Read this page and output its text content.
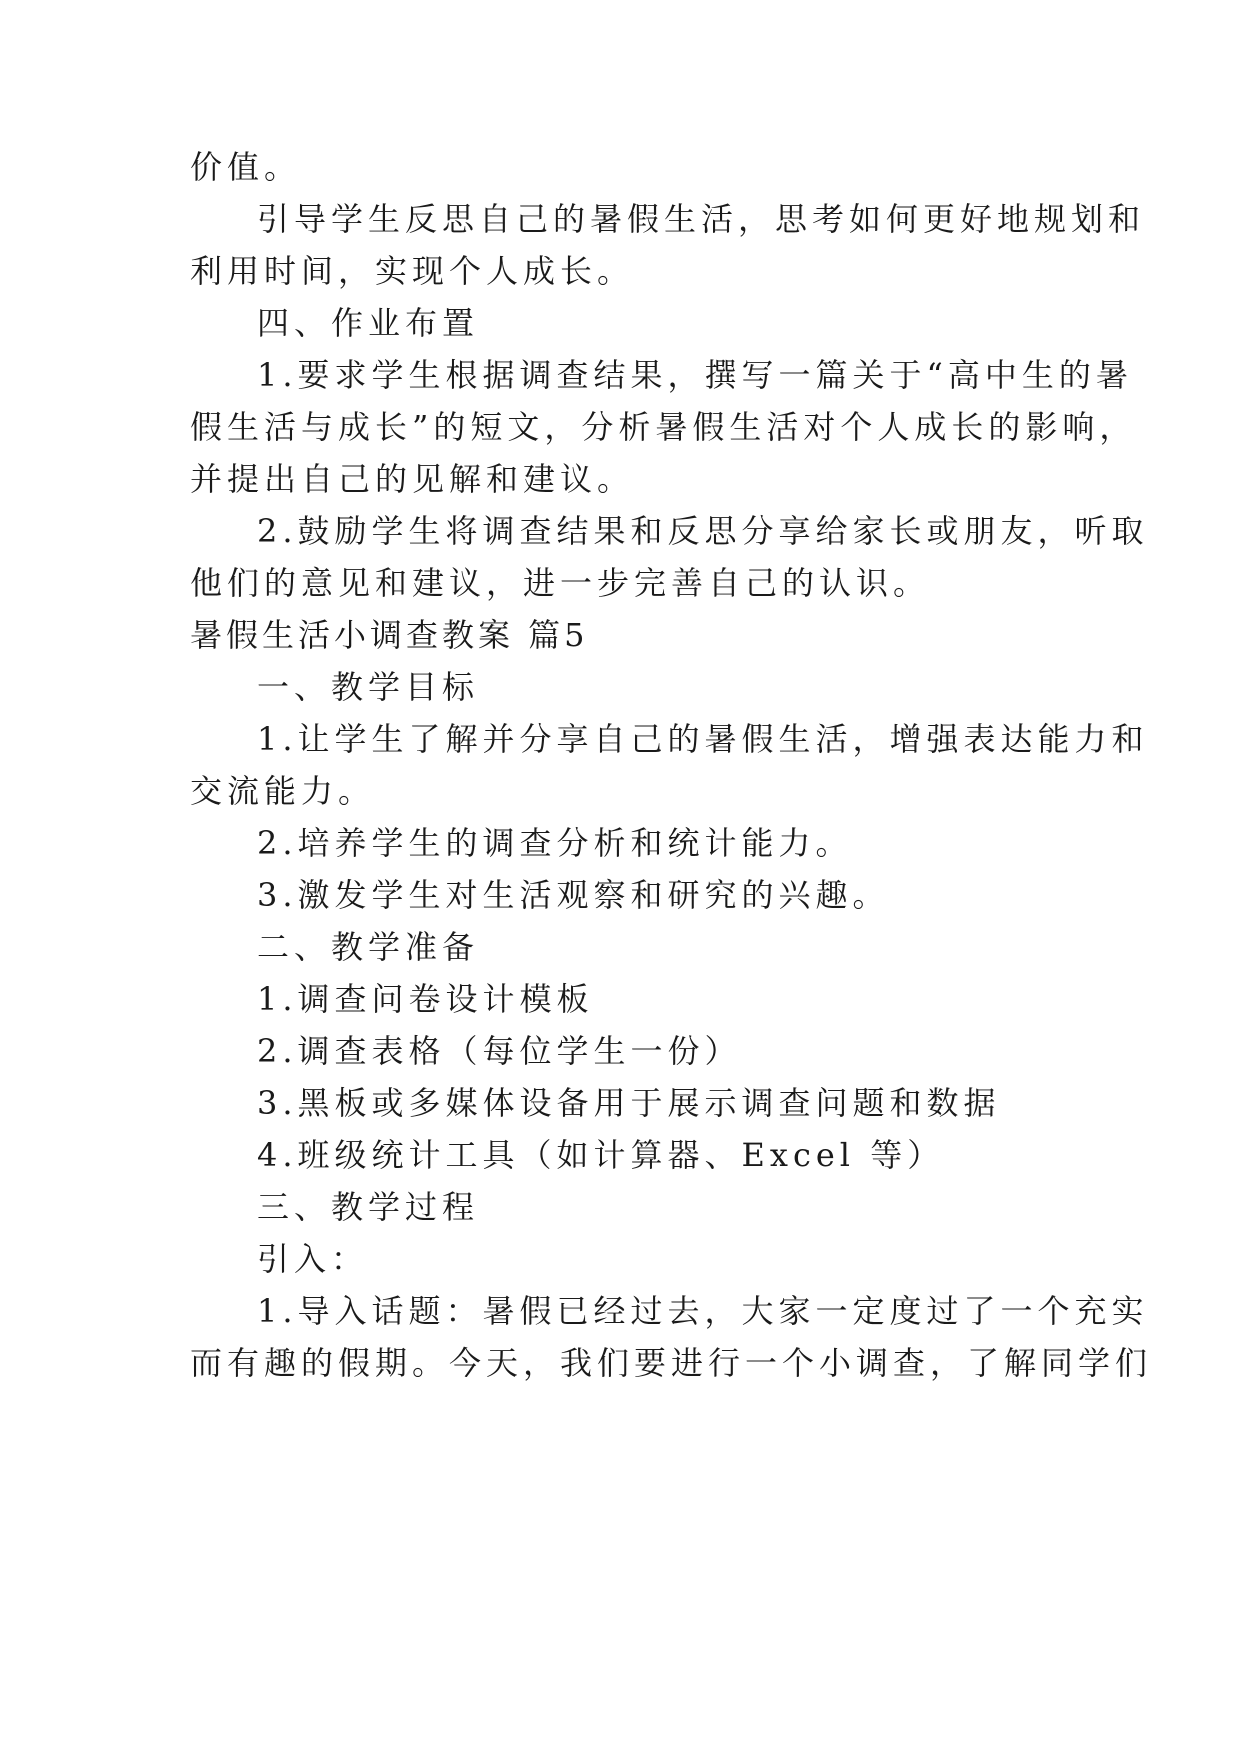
价值。
引导学生反思自己的暑假生活，思考如何更好地规划和
利用时间，实现个人成长。
四、作业布置
1.要求学生根据调查结果，撰写一篇关于“高中生的暑
假生活与成长”的短文，分析暑假生活对个人成长的影响，
并提出自己的见解和建议。
2.鼓励学生将调查结果和反思分享给家长或朋友，听取
他们的意见和建议，进一步完善自己的认识。
暑假生活小调查教案 篇5
一、教学目标
1.让学生了解并分享自己的暑假生活，增强表达能力和
交流能力。
2.培养学生的调查分析和统计能力。
3.激发学生对生活观察和研究的兴趣。
二、教学准备
1.调查问卷设计模板
2.调查表格（每位学生一份）
3.黑板或多媒体设备用于展示调查问题和数据
4.班级统计工具（如计算器、Excel 等）
三、教学过程
引入：
1.导入话题：暑假已经过去，大家一定度过了一个充实
而有趣的假期。今天，我们要进行一个小调查，了解同学们
